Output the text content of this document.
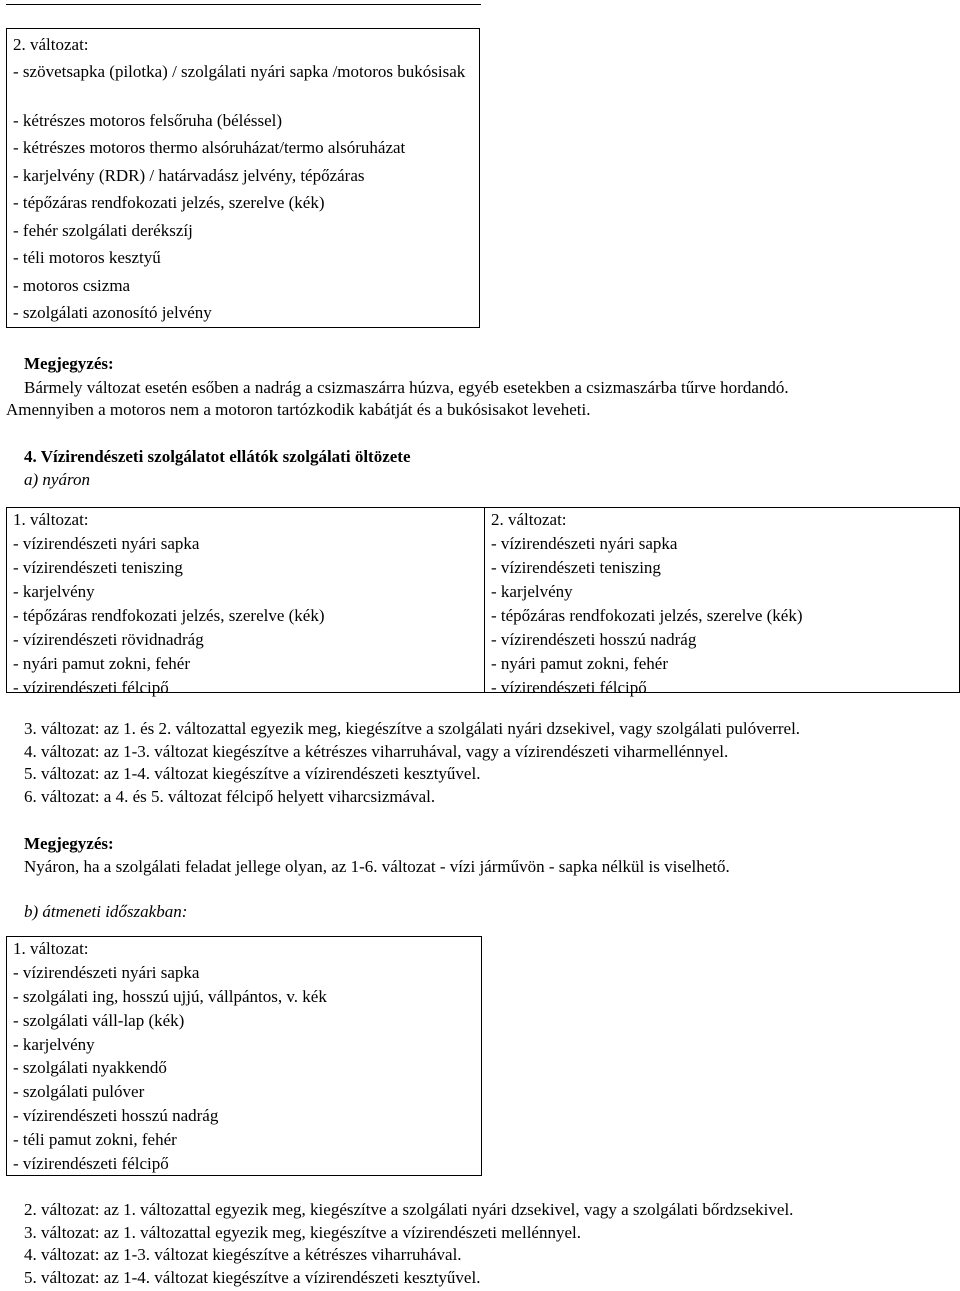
2. változat:
- szövetsapka (pilotka) / szolgálati nyári sapka /motoros bukósisak
- kétrészes motoros felsőruha (béléssel)
- kétrészes motoros thermo alsóruházat/termo alsóruházat
- karjelvény (RDR) / határvadász jelvény, tépőzáras
- tépőzáras rendfokozati jelzés, szerelve (kék)
- fehér szolgálati derékszíj
- téli motoros kesztyű
- motoros csizma
- szolgálati azonosító jelvény
Megjegyzés:
Bármely változat esetén esőben a nadrág a csizmaszárra húzva, egyéb esetekben a csizmaszárba tűrve hordandó.
Amennyiben a motoros nem a motoron tartózkodik kabátját és a bukósisakot leveheti.
4. Vízirendészeti szolgálatot ellátók szolgálati öltözete
a) nyáron
1. változat:
- vízirendészeti nyári sapka
- vízirendészeti teniszing
- karjelvény
- tépőzáras rendfokozati jelzés, szerelve (kék)
- vízirendészeti rövidnadrág
- nyári pamut zokni, fehér
- vízirendészeti félcipő
2. változat:
- vízirendészeti nyári sapka
- vízirendészeti teniszing
- karjelvény
- tépőzáras rendfokozati jelzés, szerelve (kék)
- vízirendészeti hosszú nadrág
- nyári pamut zokni, fehér
- vízirendészeti félcipő
3. változat: az 1. és 2. változattal egyezik meg, kiegészítve a szolgálati nyári dzsekivel, vagy szolgálati pulóverrel.
4. változat: az 1-3. változat kiegészítve a kétrészes viharruhával, vagy a vízirendészeti viharmellénnyel.
5. változat: az 1-4. változat kiegészítve a vízirendészeti kesztyűvel.
6. változat: a 4. és 5. változat félcipő helyett viharcsizmával.
Megjegyzés:
Nyáron, ha a szolgálati feladat jellege olyan, az 1-6. változat - vízi járművön - sapka nélkül is viselhető.
b) átmeneti időszakban:
1. változat:
- vízirendészeti nyári sapka
- szolgálati ing, hosszú ujjú, vállpántos, v. kék
- szolgálati váll-lap (kék)
- karjelvény
- szolgálati nyakkendő
- szolgálati pulóver
- vízirendészeti hosszú nadrág
- téli pamut zokni, fehér
- vízirendészeti félcipő
2. változat: az 1. változattal egyezik meg, kiegészítve a szolgálati nyári dzsekivel, vagy a szolgálati bőrdzsekivel.
3. változat: az 1. változattal egyezik meg, kiegészítve a vízirendészeti mellénnyel.
4. változat: az 1-3. változat kiegészítve a kétrészes viharruhával.
5. változat: az 1-4. változat kiegészítve a vízirendészeti kesztyűvel.
